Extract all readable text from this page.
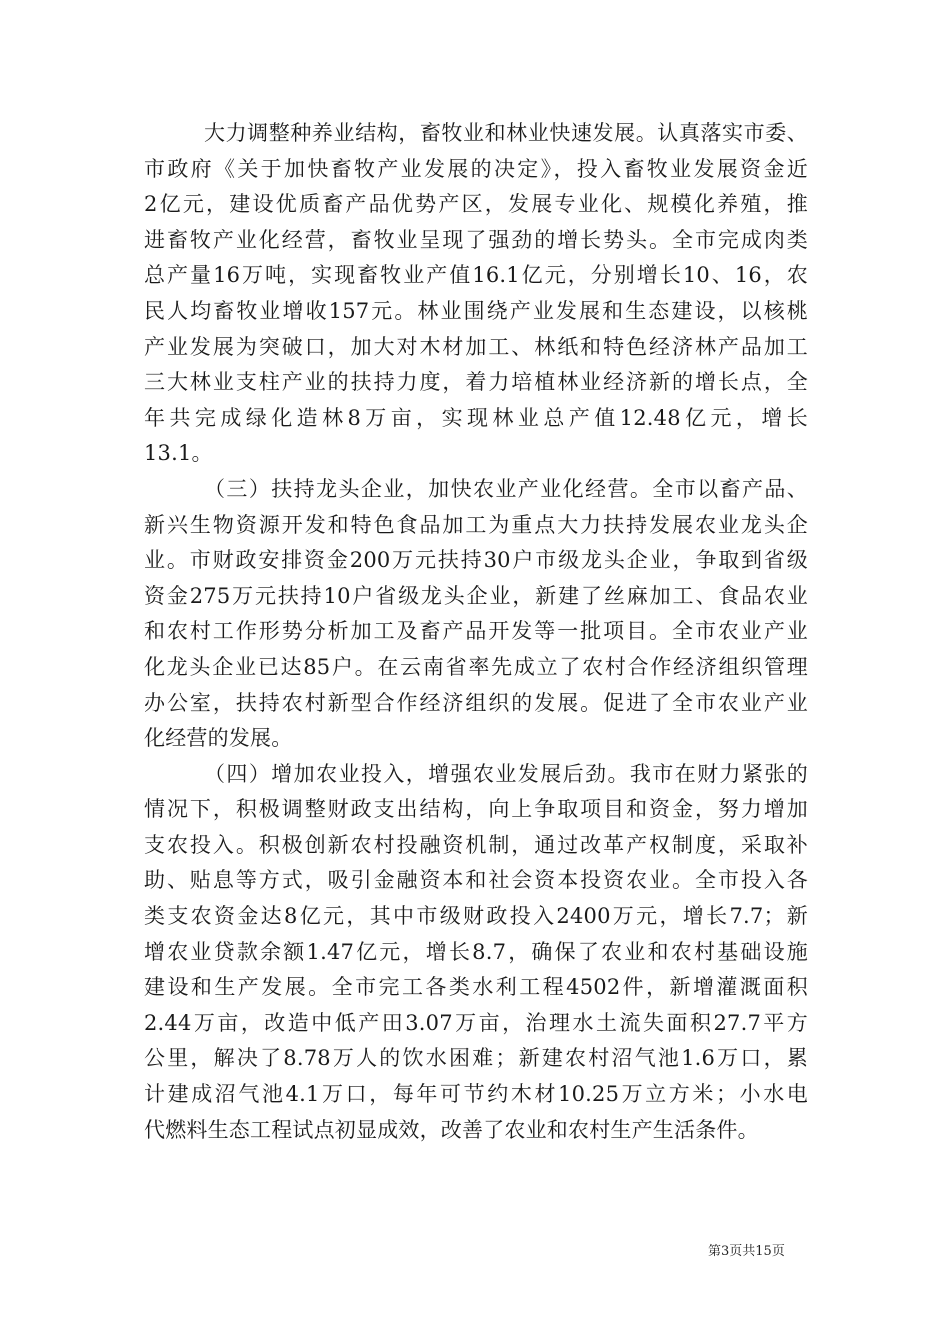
大力调整种养业结构，畜牧业和林业快速发展。认真落实市委、
市政府《关于加快畜牧产业发展的决定》，投入畜牧业发展资金近
2亿元，建设优质畜产品优势产区，发展专业化、规模化养殖，推
进畜牧产业化经营，畜牧业呈现了强劲的增长势头。全市完成肉类
总产量16万吨，实现畜牧业产值16.1亿元，分别增长10、16，农
民人均畜牧业增收157元。林业围绕产业发展和生态建设，以核桃
产业发展为突破口，加大对木材加工、林纸和特色经济林产品加工
三大林业支柱产业的扶持力度，着力培植林业经济新的增长点，全
年共完成绿化造林8万亩，实现林业总产值12.48亿元，增长
13.1。
（三）扶持龙头企业，加快农业产业化经营。全市以畜产品、
新兴生物资源开发和特色食品加工为重点大力扶持发展农业龙头企
业。市财政安排资金200万元扶持30户市级龙头企业，争取到省级
资金275万元扶持10户省级龙头企业，新建了丝麻加工、食品农业
和农村工作形势分析加工及畜产品开发等一批项目。全市农业产业
化龙头企业已达85户。在云南省率先成立了农村合作经济组织管理
办公室，扶持农村新型合作经济组织的发展。促进了全市农业产业
化经营的发展。
（四）增加农业投入，增强农业发展后劲。我市在财力紧张的
情况下，积极调整财政支出结构，向上争取项目和资金，努力增加
支农投入。积极创新农村投融资机制，通过改革产权制度，采取补
助、贴息等方式，吸引金融资本和社会资本投资农业。全市投入各
类支农资金达8亿元，其中市级财政投入2400万元，增长7.7；新
增农业贷款余额1.47亿元，增长8.7，确保了农业和农村基础设施
建设和生产发展。全市完工各类水利工程4502件，新增灌溉面积
2.44万亩，改造中低产田3.07万亩，治理水土流失面积27.7平方
公里，解决了8.78万人的饮水困难；新建农村沼气池1.6万口，累
计建成沼气池4.1万口，每年可节约木材10.25万立方米；小水电
代燃料生态工程试点初显成效，改善了农业和农村生产生活条件。
第3页共15页
